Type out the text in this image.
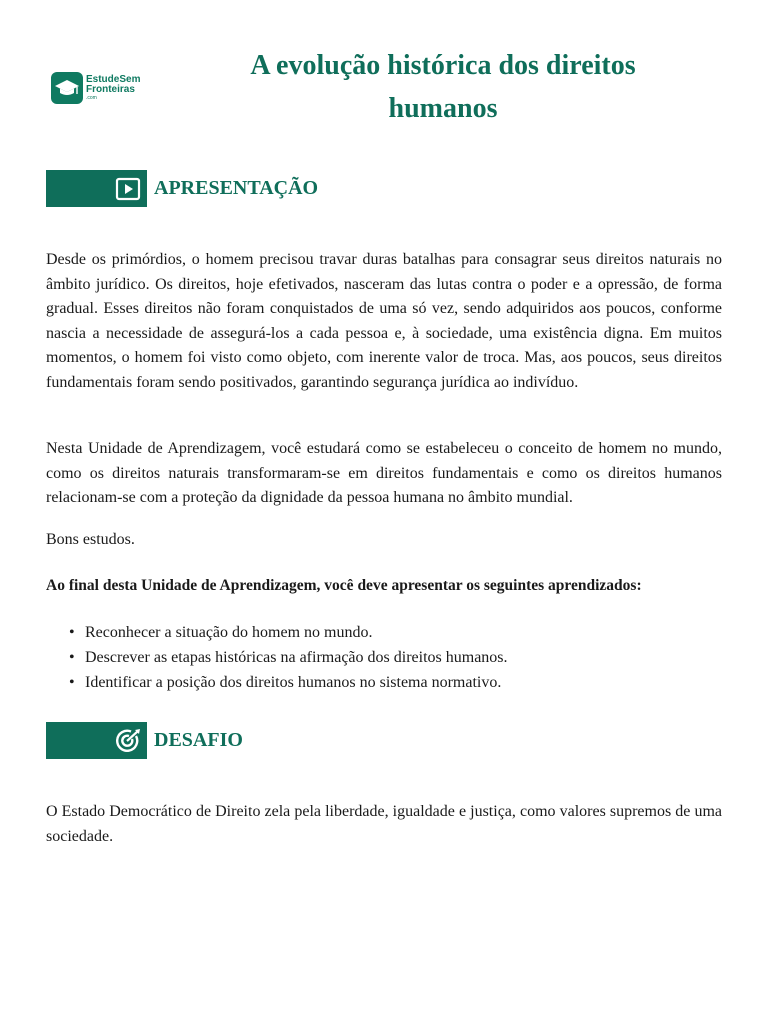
EstudeSem
Fronteiras
.com
A evolução histórica dos direitos
humanos
APRESENTAÇÃO

Desde os primórdios, o homem precisou travar duras batalhas para consagrar seus direitos naturais no âmbito jurídico. Os direitos, hoje efetivados, nasceram das lutas contra o poder e a opressão, de forma gradual. Esses direitos não foram conquistados de uma só vez, sendo adquiridos aos poucos, conforme nascia a necessidade de assegurá-los a cada pessoa e, à sociedade, uma existência digna. Em muitos momentos, o homem foi visto como objeto, com inerente valor de troca. Mas, aos poucos, seus direitos fundamentais foram sendo positivados, garantindo segurança jurídica ao indivíduo.

Nesta Unidade de Aprendizagem, você estudará como se estabeleceu o conceito de homem no mundo, como os direitos naturais transformaram-se em direitos fundamentais e como os direitos humanos relacionam-se com a proteção da dignidade da pessoa humana no âmbito mundial.

Bons estudos.

Ao final desta Unidade de Aprendizagem, você deve apresentar os seguintes aprendizados:

• Reconhecer a situação do homem no mundo.
• Descrever as etapas históricas na afirmação dos direitos humanos.
• Identificar a posição dos direitos humanos no sistema normativo.
DESAFIO

O Estado Democrático de Direito zela pela liberdade, igualdade e justiça, como valores supremos de uma sociedade.
